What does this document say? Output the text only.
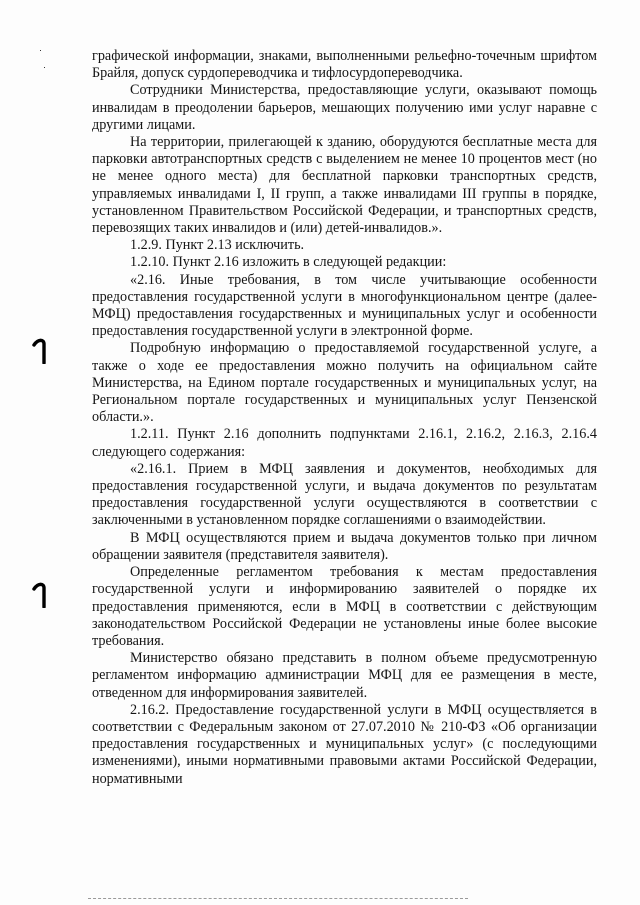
графической информации, знаками, выполненными рельефно-точечным шрифтом Брайля, допуск сурдопереводчика и тифлосурдопереводчика.

Сотрудники Министерства, предоставляющие услуги, оказывают помощь инвалидам в преодолении барьеров, мешающих получению ими услуг наравне с другими лицами.

На территории, прилегающей к зданию, оборудуются бесплатные места для парковки автотранспортных средств с выделением не менее 10 процентов мест (но не менее одного места) для бесплатной парковки транспортных средств, управляемых инвалидами I, II групп, а также инвалидами III группы в порядке, установленном Правительством Российской Федерации, и транспортных средств, перевозящих таких инвалидов и (или) детей-инвалидов.».

1.2.9. Пункт 2.13 исключить.

1.2.10. Пункт 2.16 изложить в следующей редакции:

«2.16. Иные требования, в том числе учитывающие особенности предоставления государственной услуги в многофункциональном центре (далее-МФЦ) предоставления государственных и муниципальных услуг и особенности предоставления государственной услуги в электронной форме.

Подробную информацию о предоставляемой государственной услуге, а также о ходе ее предоставления можно получить на официальном сайте Министерства, на Едином портале государственных и муниципальных услуг, на Региональном портале государственных и муниципальных услуг Пензенской области.».

1.2.11. Пункт 2.16 дополнить подпунктами 2.16.1, 2.16.2, 2.16.3, 2.16.4 следующего содержания:

«2.16.1. Прием в МФЦ заявления и документов, необходимых для предоставления государственной услуги, и выдача документов по результатам предоставления государственной услуги осуществляются в соответствии с заключенными в установленном порядке соглашениями о взаимодействии.

В МФЦ осуществляются прием и выдача документов только при личном обращении заявителя (представителя заявителя).

Определенные регламентом требования к местам предоставления государственной услуги и информированию заявителей о порядке их предоставления применяются, если в МФЦ в соответствии с действующим законодательством Российской Федерации не установлены иные более высокие требования.

Министерство обязано представить в полном объеме предусмотренную регламентом информацию администрации МФЦ для ее размещения в месте, отведенном для информирования заявителей.

2.16.2. Предоставление государственной услуги в МФЦ осуществляется в соответствии с Федеральным законом от 27.07.2010 № 210-ФЗ «Об организации предоставления государственных и муниципальных услуг» (с последующими изменениями), иными нормативными правовыми актами Российской Федерации, нормативными
